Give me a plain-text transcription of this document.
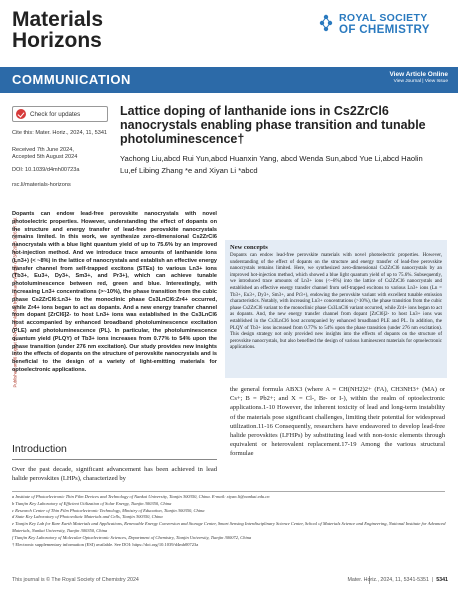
Published on 06 August 2024. Downloaded by Nankai University on 3/4/2025 3:26:17 AM.
Materials
Horizons
ROYAL SOCIETY
OF CHEMISTRY
COMMUNICATION	View Article Online
View Journal | View Issue
Check for updates
Cite this: Mater. Horiz., 2024, 11, 5341
Received 7th June 2024,
Accepted 5th August 2024
DOI: 10.1039/d4mh00723a
rsc.li/materials-horizons
Lattice doping of lanthanide ions in Cs2ZrCl6 nanocrystals enabling phase transition and tunable photoluminescence†
Yachong Liu,abcd Rui Yun,abcd Huanxin Yang, abcd Wenda Sun,abcd Yue Li,abcd Haolin Lu,ef Libing Zhang *e and Xiyan Li *abcd
Dopants can endow lead-free perovskite nanocrystals with novel photoelectric properties. However, understanding the effect of dopants on the structure and energy transfer of lead-free perovskite nanocrystals remains limited. In this work, we synthesize zero-dimensional Cs2ZrCl6 nanocrystals with a blue light quantum yield of up to 75.6% by an improved hot-injection method. And we introduce trace amounts of lanthanide ions (Ln3+) (< ~8%) in the lattice of nanocrystals and establish an effective energy transfer channel from self-trapped excitons (STEs) to various Ln3+ ions (Tb3+, Eu3+, Dy3+, Sm3+, and Pr3+), which can achieve tunable photoluminescence between red, green and blue. Interestingly, with increasing Ln3+ concentrations (>~10%), the phase transition from the cubic phase Cs2ZrCl6:Ln3+ to the monoclinic phase Cs3LnCl6:Zr4+ occurred, while Zr4+ ions began to act as dopants. And a new energy transfer channel from dopant [ZrCl6]2- to host Ln3+ ions was established in the Cs3LnCl6 host accompanied by enhanced broadband photoluminescence excitation (PLE) and photoluminescence (PL). In particular, the photoluminescence quantum yield (PLQY) of Tb3+ ions increases from 0.77% to 54% upon the phase transition (under 276 nm excitation). Our study provides new insights into the effects of dopants on the structure of perovskite nanocrystals and is beneficial to the design of a variety of light-emitting materials for optoelectronic applications.
New concepts
Dopants can endow lead-free perovskite materials with novel photoelectric properties. However, understanding of the effect of dopants on the structure and energy transfer of lead-free perovskite nanocrystals remains limited. Here, we synthesized zero-dimensional Cs2ZrCl6 nanocrystals by an improved hot-injection method, which showed a blue light quantum yield of up to 75.6%. Subsequently, we introduced trace amounts of Ln3+ ions (<~8%) into the lattice of Cs2ZrCl6 nanocrystals and established an effective energy transfer channel from self-trapped excitons to various Ln3+ ions (Ln = Tb3+, Eu3+, Dy3+, Sm3+, and Pr3+), endowing the perovskite variant with excellent tunable emission characteristics. Notably, with increasing Ln3+ concentrations (>10%), the phase transition from the cubic phase Cs2ZrCl6 variant to the monoclinic phase Cs3LnCl6 variant occurred, while Zr4+ ions began to act as dopants. And, the new energy transfer channel from dopant [ZrCl6]2- to host Ln3+ ions was established in the Cs3LnCl6 host accompanied by enhanced broadband PLE and PL. In addition, the PLQY of Tb3+ ions increased from 0.77% to 54% upon the phase transition (under 276 nm excitation). This design strategy not only provided new insights into the effects of dopants on the structure of perovskite nanocrystals, but also benefited the design of various luminescent materials for optoelectronic applications.
the general formula ABX3 (where A = CH(NH2)2+ (FA), CH3NH3+ (MA) or Cs+; B = Pb2+; and X = Cl-, Br- or I-), within the realm of optoelectronic applications.1-10 However, the inherent toxicity of lead and long-term instability of the materials pose significant challenges, limiting their potential for widespread utilization.11-16 Consequently, researchers have endeavored to develop lead-free halide perovskites (LFHPs) by substituting lead with non-toxic elements through equivalent or heterovalent replacement.17-19 Among the various structural formulae
Introduction
Over the past decade, significant advancement has been achieved in lead halide perovskites (LHPs), characterized by
a Institute of Photoelectronic Thin Film Devices and Technology of Nankai University, Tianjin 300350, China. E-mail: xiyan.li@nankai.edu.cn
b Tianjin Key Laboratory of Efficient Utilization of Solar Energy, Tianjin 300350, China
c Research Center of Thin Film Photoelectronic Technology, Ministry of Education, Tianjin 300350, China
d State Key Laboratory of Photovoltaic Materials and Cells, Tianjin 300350, China
e Tianjin Key Lab for Rare Earth Materials and Applications, Renewable Energy Conversion and Storage Center, Smart Sensing Interdisciplinary Science Center, School of Materials Science and Engineering, National Institute for Advanced Materials, Nankai University, Tianjin 300350, China
f Tianjin Key Laboratory of Molecular Optoelectronic Sciences, Department of Chemistry, Tianjin University, Tianjin 300072, China
† Electronic supplementary information (ESI) available. See DOI: https://doi.org/10.1039/d4mh00723a
This journal is © The Royal Society of Chemistry 2024	Mater. Horiz., 2024, 11, 5341-5351  |  5341
